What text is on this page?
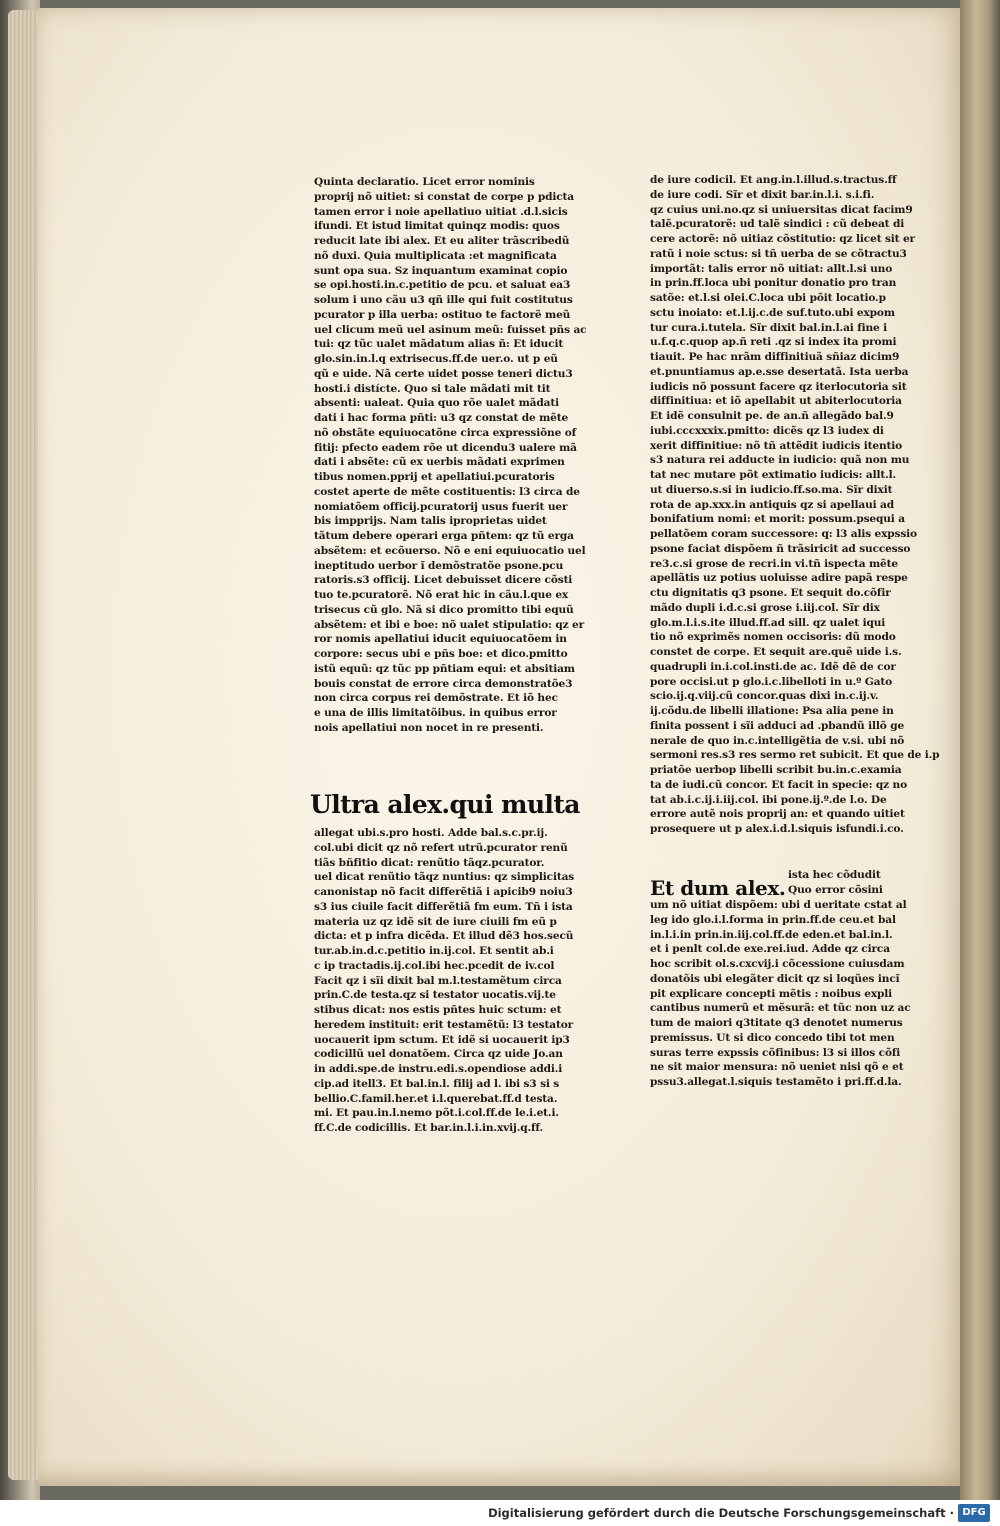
Quinta declaratio. Licet error nominis
proprij nõ uitiet: si constat de corpe p pdicta
tamen error i noie apellatiuo uitiat .d.l.sicis
ifundi. Et istud limitat quinqz modis: quos
reducit late ibi alex. Et eu aliter trãscribedũ
nõ duxi. Quia multiplicata :et magnificata
sunt opa sua. Sz inquantum examinat copio
se opi.hosti.in.c.petitio de pcu. et saluat ea3
solum i uno cãu u3 qñ ille qui fuit costitutus
pcurator p illa uerba: ostituo te factorẽ meũ
uel clicum meũ uel asinum meũ: fuisset pñs ac
tui: qz tũc ualet mãdatum alias ñ: Et iducit
glo.sin.in.l.q extrisecus.ff.de uer.o. ut p eũ
qũ e uide. Nã certe uidet posse teneri dictu3
hosti.i distícte. Quo si tale mãdati mit tit
absenti: ualeat. Quia quo rõe ualet mãdati
dati i hac forma pñti: u3 qz constat de mẽte
nõ obstãte equiuocatõne circa expressiõne of
fitij: pfecto eadem rõe ut dicendu3 ualere mã
dati i absẽte: cũ ex uerbis mãdati exprimen
tibus nomen.pprij et apellatiui.pcuratoris
costet aperte de mẽte costituentis: l3 circa de
nomiatõem officij.pcuratorij usus fuerit uer
bis impprijs. Nam talis iproprietas uidet
tãtum debere operari erga pñtem: qz tũ erga
absẽtem: et ecõuerso. Nõ e eni equiuocatio uel
ineptitudo uerbor ĩ demõstratõe psone.pcu
ratoris.s3 officij. Licet debuisset dicere cõsti
tuo te.pcuratorẽ. Nõ erat hic in cãu.l.que ex
trisecus cũ glo. Nã si dico promitto tibi equũ
absẽtem: et ibi e boe: nõ ualet stipulatio: qz er
ror nomis apellatiui iducit equiuocatõem in
corpore: secus ubi e pñs boe: et dico.pmitto
istũ equũ: qz tũc pp pñtiam equi: et absitiam
bouis constat de errore circa demonstratõe3
non circa corpus rei demõstrate. Et iõ hec
e una de illis limitatõibus. in quibus error
nois apellatiui non nocet in re presenti.
Ultra alex.qui multa
allegat ubi.s.pro hosti. Adde bal.s.c.pr.ij.
col.ubi dicit qz nõ refert utrũ.pcurator renũ
tiãs bñfitio dicat: renũtio tãqz.pcurator.
uel dicat renũtio tãqz nuntius: qz simplicitas
canonistap nõ facit differẽtiã i apicib9 noiu3
s3 ius ciuile facit differẽtiã fm eum. Tñ i ista
materia uz qz idẽ sit de iure ciuili fm eũ p
dicta: et p infra dicẽda. Et illud dẽ3 hos.secũ
tur.ab.in.d.c.petitio in.ij.col. Et sentit ab.i
c ip tractadis.ij.col.ibi hec.pcedit de iv.col
Facit qz i sĩi dixit bal m.l.testamẽtum circa
prin.C.de testa.qz si testator uocatis.vij.te
stibus dicat: nos estis pñtes huic sctum: et
heredem instituit: erit testamẽtũ: l3 testator
uocauerit ipm sctum. Et idẽ si uocauerit ip3
codicillũ uel donatõem. Circa qz uide Jo.an
in addi.spe.de instru.edi.s.opendiose addi.i
cip.ad itell3. Et bal.in.l. filij ad l. ibi s3 si s
bellio.C.famil.her.et i.l.querebat.ff.d testa.
mi. Et pau.in.l.nemo põt.i.col.ff.de le.i.et.i.
ff.C.de codicillis. Et bar.in.l.i.in.xvij.q.ff.
de iure codicil. Et ang.in.l.illud.s.tractus.ff
de iure codi. Sĩr et dixit bar.in.l.i. s.i.fi.
qz cuius uni.no.qz si uniuersitas dicat facim9
talẽ.pcuratorẽ: ud talẽ sindici : cũ debeat di
cere actorẽ: nõ uitiaz cõstitutio: qz licet sit er
ratũ i noie sctus: si tñ uerba de se cõtractu3
importãt: talis error nõ uitiat: allt.l.si uno
in prin.ff.loca ubi ponitur donatio pro tran
satõe: et.l.si olei.C.loca ubi põit locatio.p
sctu inoiato: et.l.ij.c.de suf.tuto.ubi expom
tur cura.i.tutela. Sĩr dixit bal.in.l.ai fine i
u.f.q.c.quop ap.ñ reti .qz si index ita promi
tiauit. Pe hac nrãm diffinitiuã sñiaz dicim9
et.pnuntiamus ap.e.sse desertatã. Ista uerba
iudicis nõ possunt facere qz iterlocutoria sit
diffinitiua: et iõ apellabit ut abiterlocutoria
Et idẽ consulnit pe. de an.ñ allegãdo bal.9
iubi.cccxxxix.pmitto: dicẽs qz l3 iudex di
xerit diffinitiue: nõ tñ attẽdit iudicis itentio
s3 natura rei adducte in iudicio: quã non mu
tat nec mutare põt extimatio iudicis: allt.l.
ut diuerso.s.si in iudicio.ff.so.ma. Sĩr dixit
rota de ap.xxx.in antiquis qz si apellaui ad
bonifatium nomi: et morit: possum.psequi a
pellatõem coram successore: q: l3 alis expssio
psone faciat dispõem ñ trãsiricit ad successo
re3.c.si grose de recri.in vi.tñ ispecta mẽte
apellãtis uz potius uoluisse adire papã respe
ctu dignitatis q3 psone. Et sequit do.cõfir
mãdo dupli i.d.c.si grose i.iij.col. Sĩr dix
glo.m.l.i.s.ite illud.ff.ad sill. qz ualet iqui
tio nõ exprimẽs nomen occisoris: dũ modo
constet de corpe. Et sequit are.quẽ uide i.s.
quadrupli in.i.col.insti.de ac. Idẽ dẽ de cor
pore occisi.ut p glo.i.c.libelloti in u.º Gato
scio.ij.q.viij.cũ concor.quas dixi in.c.ij.v.
ij.cõdu.de libelli illatione: Psa alia pene in
finita possent i sĩi adduci ad .pbandũ illõ ge
nerale de quo in.c.intelligẽtia de v.si. ubi nõ
sermoni res.s3 res sermo ret subicit. Et que de i.p
priatõe uerbop libelli scribit bu.in.c.examia
ta de iudi.cũ concor. Et facit in specie: qz no
tat ab.i.c.ij.i.iij.col. ibi pone.ij.º.de l.o. De
errore autẽ nois proprij an: et quando uitiet
prosequere ut p alex.i.d.l.siquis isfundi.i.co.
Et dum alex.
ista hec cõdudit
Quo error cõsini
um nõ uitiat dispõem: ubi d ueritate cstat al
leg ido glo.i.l.forma in prin.ff.de ceu.et bal
in.l.i.in prin.in.iij.col.ff.de eden.et bal.in.l.
et i penlt col.de exe.rei.iud. Adde qz circa
hoc scribit ol.s.cxcvij.i cõcessione cuiusdam
donatõis ubi elegãter dicit qz si loqũes incĩ
pit explicare concepti mẽtis : noibus expli
cantibus numerũ et mẽsurã: et tũc non uz ac
tum de maiori q3titate q3 denotet numerus
premissus. Ut si dico concedo tibi tot men
suras terre expssis cõfinibus: l3 si illos cõfi
ne sit maior mensura: nõ ueniet nisi qõ e et
pssu3.allegat.l.siquis testamẽto i pri.ff.d.la.
Digitalisierung gefördert durch die Deutsche Forschungsgemeinschaft · DFG
